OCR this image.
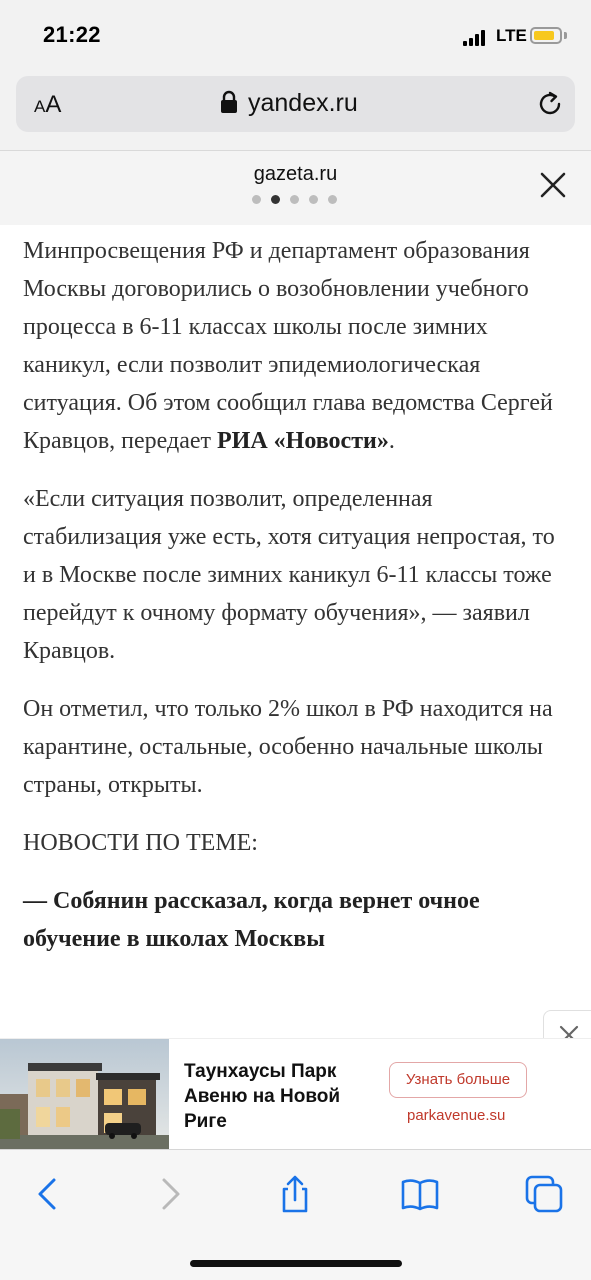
21:22	LTE
AA	yandex.ru
gazeta.ru

Минпросвещения РФ и департамент образования Москвы договорились о возобновлении учебного процесса в 6-11 классах школы после зимних каникул, если позволит эпидемиологическая ситуация. Об этом сообщил глава ведомства Сергей Кравцов, передает РИА «Новости».

«Если ситуация позволит, определенная стабилизация уже есть, хотя ситуация непростая, то и в Москве после зимних каникул 6-11 классы тоже перейдут к очному формату обучения», — заявил Кравцов.

Он отметил, что только 2% школ в РФ находится на карантине, остальные, особенно начальные школы страны, открыты.

НОВОСТИ ПО ТЕМЕ:

— Собянин рассказал, когда вернет очное обучение в школах Москвы

Таунхаусы Парк Авеню на Новой Риге
Узнать больше
parkavenue.su
